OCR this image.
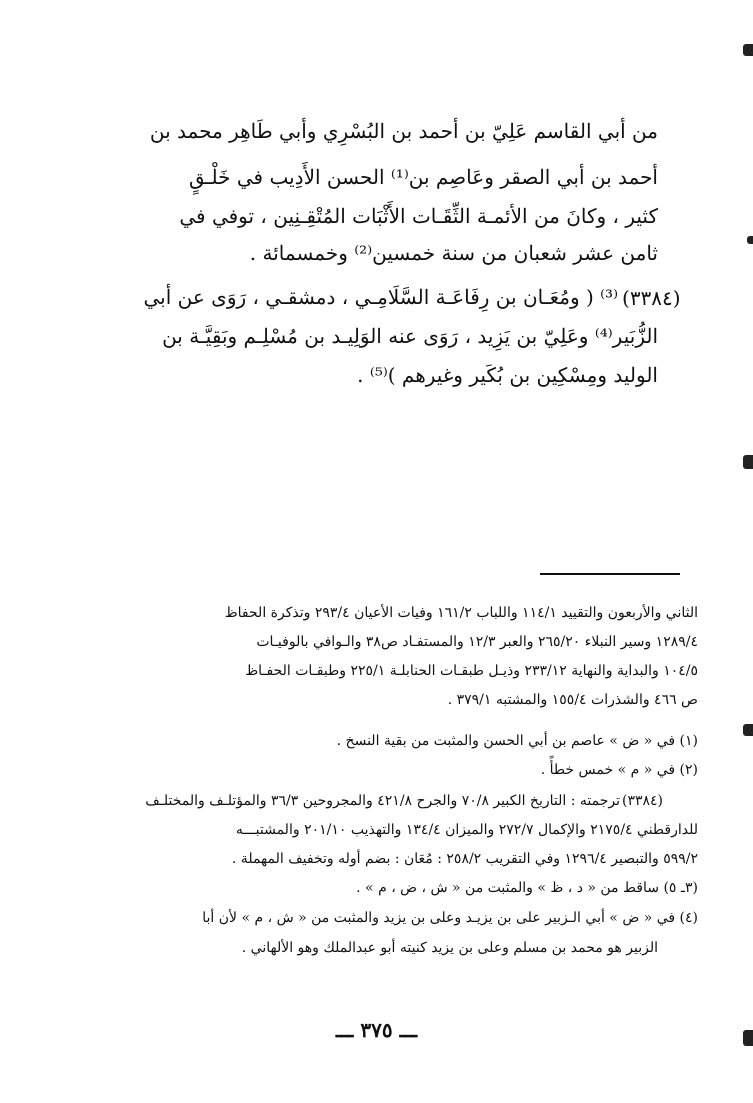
من أبي القاسم عَلِيّ بن أحمد بن البُسْرِي وأبي طَاهِر محمد بن
أحمد بن أبي الصقر وعَاصِم بن⁽¹⁾ الحسن الأَدِيب في خَلْـقٍ
كثير ، وكانَ من الأئمـة الثِّقَـات الأَثْبَات المُتْقِـنِين ، توفي في
ثامن عشر شعبان من سنة خمسين⁽²⁾ وخمسمائة .
(٣٣٨٤)
⁽³⁾ ( ومُعَـان بن رِفَاعَـة السَّلَامِـي ، دمشقـي ، رَوَى عن أبي
الزُّبَير⁽⁴⁾ وعَلِيّ بن يَزِيد ، رَوَى عنه الوَلِيـد بن مُسْلِـم وبَقِيَّـة بن
الوليد ومِسْكِين بن بُكَير وغيرهم )⁽⁵⁾ .
الثاني والأربعون والتقييد ١١٤/١ واللباب ١٦١/٢ وفيات الأعيان ٢٩٣/٤ وتذكرة الحفاظ
١٢٨٩/٤ وسير النبلاء ٢٦٥/٢٠ والعبر ١٢/٣ والمستفـاد ص٣٨ والـوافي بالوفيـات
١٠٤/٥ والبداية والنهاية ٢٣٣/١٢ وذيـل طبقـات الحنابلـة ٢٢٥/١ وطبقـات الحفـاظ
ص ٤٦٦ والشذرات ١٥٥/٤ والمشتبه ٣٧٩/١ .
(١) في « ض » عاصم بن أبي الحسن والمثبت من بقية النسخ .
(٢) في « م » خمس خطأً .
(٣٣٨٤)
ترجمته : التاريخ الكبير ٧٠/٨ والجرح ٤٢١/٨ والمجروحين ٣٦/٣ والمؤتلـف والمختلـف
للدارقطني ٢١٧٥/٤ والإكمال ٢٧٢/٧ والميزان ١٣٤/٤ والتهذيب ٢٠١/١٠ والمشتبـــه
٥٩٩/٢ والتبصير ١٢٩٦/٤ وفي التقريب ٢٥٨/٢ : مُعَان : بضم أوله وتخفيف المهملة .
(٣ـ ٥) ساقط من « د ، ظ » والمثبت من « ش ، ض ، م » .
(٤) في « ض » أبي الـزبير على بن يزيـد وعلى بن يزيد والمثبت من « ش ، م » لأن أبا
الزبير هو محمد بن مسلم وعلى بن يزيد كنيته أبو عبدالملك وهو الألهاني .
ـــ ٣٧٥ ـــ
